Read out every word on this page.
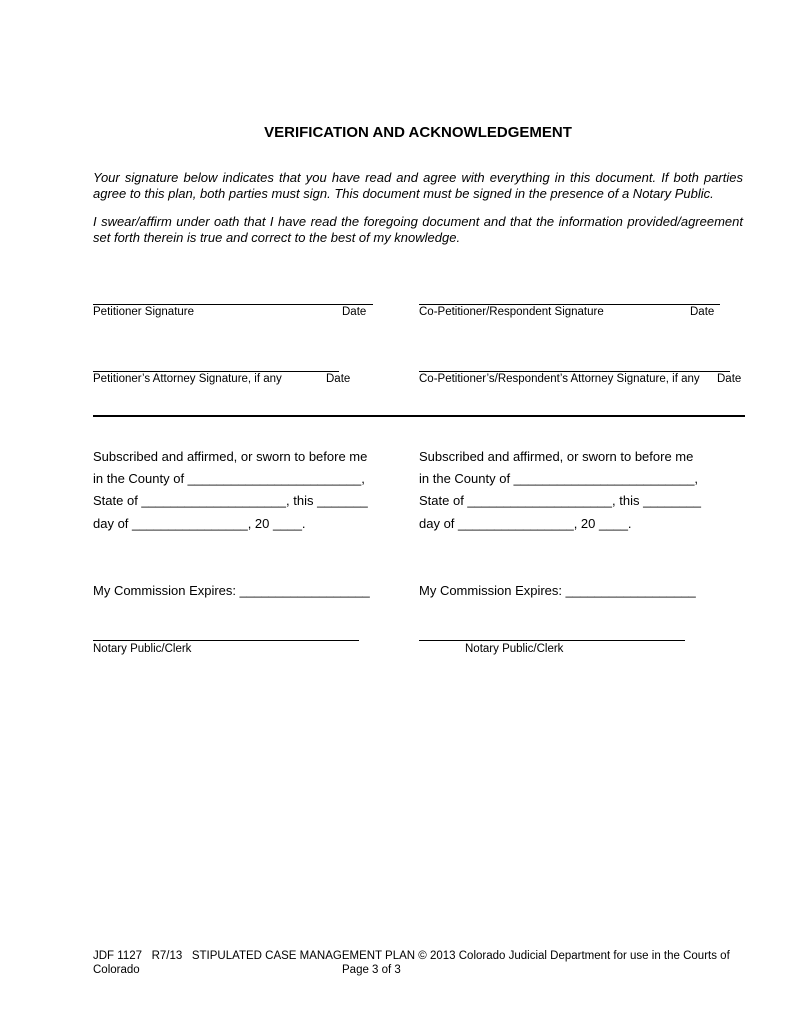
VERIFICATION AND ACKNOWLEDGEMENT

Your signature below indicates that you have read and agree with everything in this document. If both parties agree to this plan, both parties must sign. This document must be signed in the presence of a Notary Public.

I swear/affirm under oath that I have read the foregoing document and that the information provided/agreement set forth therein is true and correct to the best of my knowledge.

Petitioner Signature	Date	Co-Petitioner/Respondent Signature	Date
Petitioner’s Attorney Signature, if any	Date	Co-Petitioner’s/Respondent’s Attorney Signature, if any Date
Subscribed and affirmed, or sworn to before me
in the County of ________________________,
State of ____________________, this _______
day of ________________, 20 ____.
My Commission Expires: __________________
Notary Public/Clerk
Subscribed and affirmed, or sworn to before me
in the County of _________________________,
State of ____________________, this ________
day of ________________, 20 ____.
My Commission Expires: __________________
Notary Public/Clerk
JDF 1127   R7/13   STIPULATED CASE MANAGEMENT PLAN © 2013 Colorado Judicial Department for use in the Courts of
Colorado	Page 3 of 3
